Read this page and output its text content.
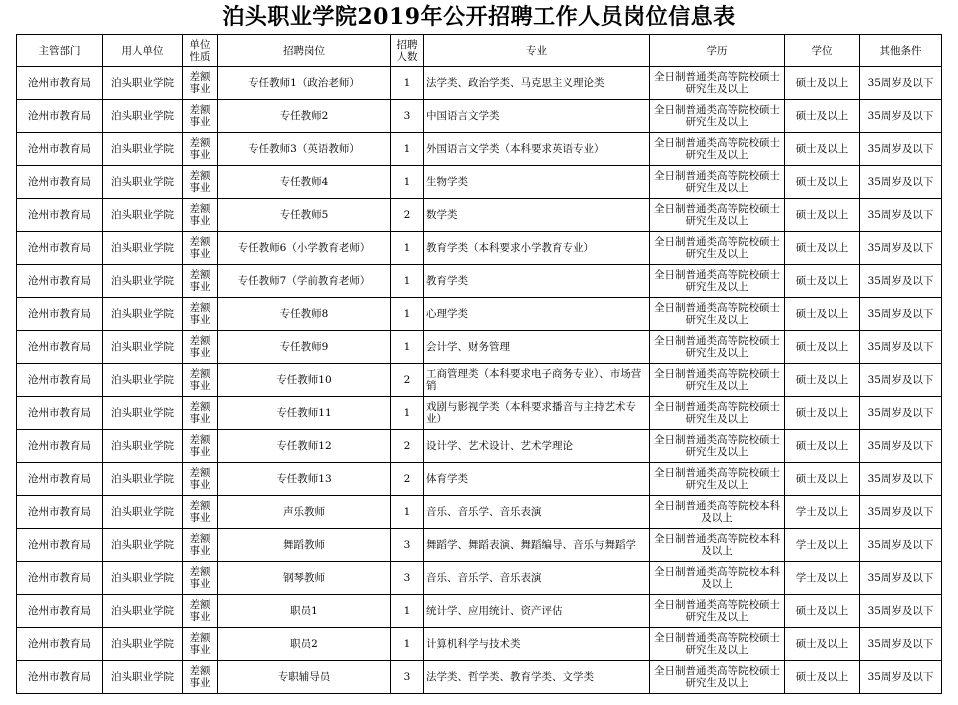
泊头职业学院2019年公开招聘工作人员岗位信息表
主管部门	用人单位	单位性质	招聘岗位	招聘人数	专业	学历	学位	其他条件
沧州市教育局	泊头职业学院	差额事业	专任教师1（政治老师）	1	法学类、政治学类、马克思主义理论类	全日制普通类高等院校硕士研究生及以上	硕士及以上	35周岁及以下
沧州市教育局	泊头职业学院	差额事业	专任教师2	3	中国语言文学类	全日制普通类高等院校硕士研究生及以上	硕士及以上	35周岁及以下
沧州市教育局	泊头职业学院	差额事业	专任教师3（英语教师）	1	外国语言文学类（本科要求英语专业）	全日制普通类高等院校硕士研究生及以上	硕士及以上	35周岁及以下
沧州市教育局	泊头职业学院	差额事业	专任教师4	1	生物学类	全日制普通类高等院校硕士研究生及以上	硕士及以上	35周岁及以下
沧州市教育局	泊头职业学院	差额事业	专任教师5	2	数学类	全日制普通类高等院校硕士研究生及以上	硕士及以上	35周岁及以下
沧州市教育局	泊头职业学院	差额事业	专任教师6（小学教育老师）	1	教育学类（本科要求小学教育专业）	全日制普通类高等院校硕士研究生及以上	硕士及以上	35周岁及以下
沧州市教育局	泊头职业学院	差额事业	专任教师7（学前教育老师）	1	教育学类	全日制普通类高等院校硕士研究生及以上	硕士及以上	35周岁及以下
沧州市教育局	泊头职业学院	差额事业	专任教师8	1	心理学类	全日制普通类高等院校硕士研究生及以上	硕士及以上	35周岁及以下
沧州市教育局	泊头职业学院	差额事业	专任教师9	1	会计学、财务管理	全日制普通类高等院校硕士研究生及以上	硕士及以上	35周岁及以下
沧州市教育局	泊头职业学院	差额事业	专任教师10	2	工商管理类（本科要求电子商务专业）、市场营销	全日制普通类高等院校硕士研究生及以上	硕士及以上	35周岁及以下
沧州市教育局	泊头职业学院	差额事业	专任教师11	1	戏剧与影视学类（本科要求播音与主持艺术专业）	全日制普通类高等院校硕士研究生及以上	硕士及以上	35周岁及以下
沧州市教育局	泊头职业学院	差额事业	专任教师12	2	设计学、艺术设计、艺术学理论	全日制普通类高等院校硕士研究生及以上	硕士及以上	35周岁及以下
沧州市教育局	泊头职业学院	差额事业	专任教师13	2	体育学类	全日制普通类高等院校硕士研究生及以上	硕士及以上	35周岁及以下
沧州市教育局	泊头职业学院	差额事业	声乐教师	1	音乐、音乐学、音乐表演	全日制普通类高等院校本科及以上	学士及以上	35周岁及以下
沧州市教育局	泊头职业学院	差额事业	舞蹈教师	3	舞蹈学、舞蹈表演、舞蹈编导、音乐与舞蹈学	全日制普通类高等院校本科及以上	学士及以上	35周岁及以下
沧州市教育局	泊头职业学院	差额事业	钢琴教师	3	音乐、音乐学、音乐表演	全日制普通类高等院校本科及以上	学士及以上	35周岁及以下
沧州市教育局	泊头职业学院	差额事业	职员1	1	统计学、应用统计、资产评估	全日制普通类高等院校硕士研究生及以上	硕士及以上	35周岁及以下
沧州市教育局	泊头职业学院	差额事业	职员2	1	计算机科学与技术类	全日制普通类高等院校硕士研究生及以上	硕士及以上	35周岁及以下
沧州市教育局	泊头职业学院	差额事业	专职辅导员	3	法学类、哲学类、教育学类、文学类	全日制普通类高等院校硕士研究生及以上	硕士及以上	35周岁及以下
